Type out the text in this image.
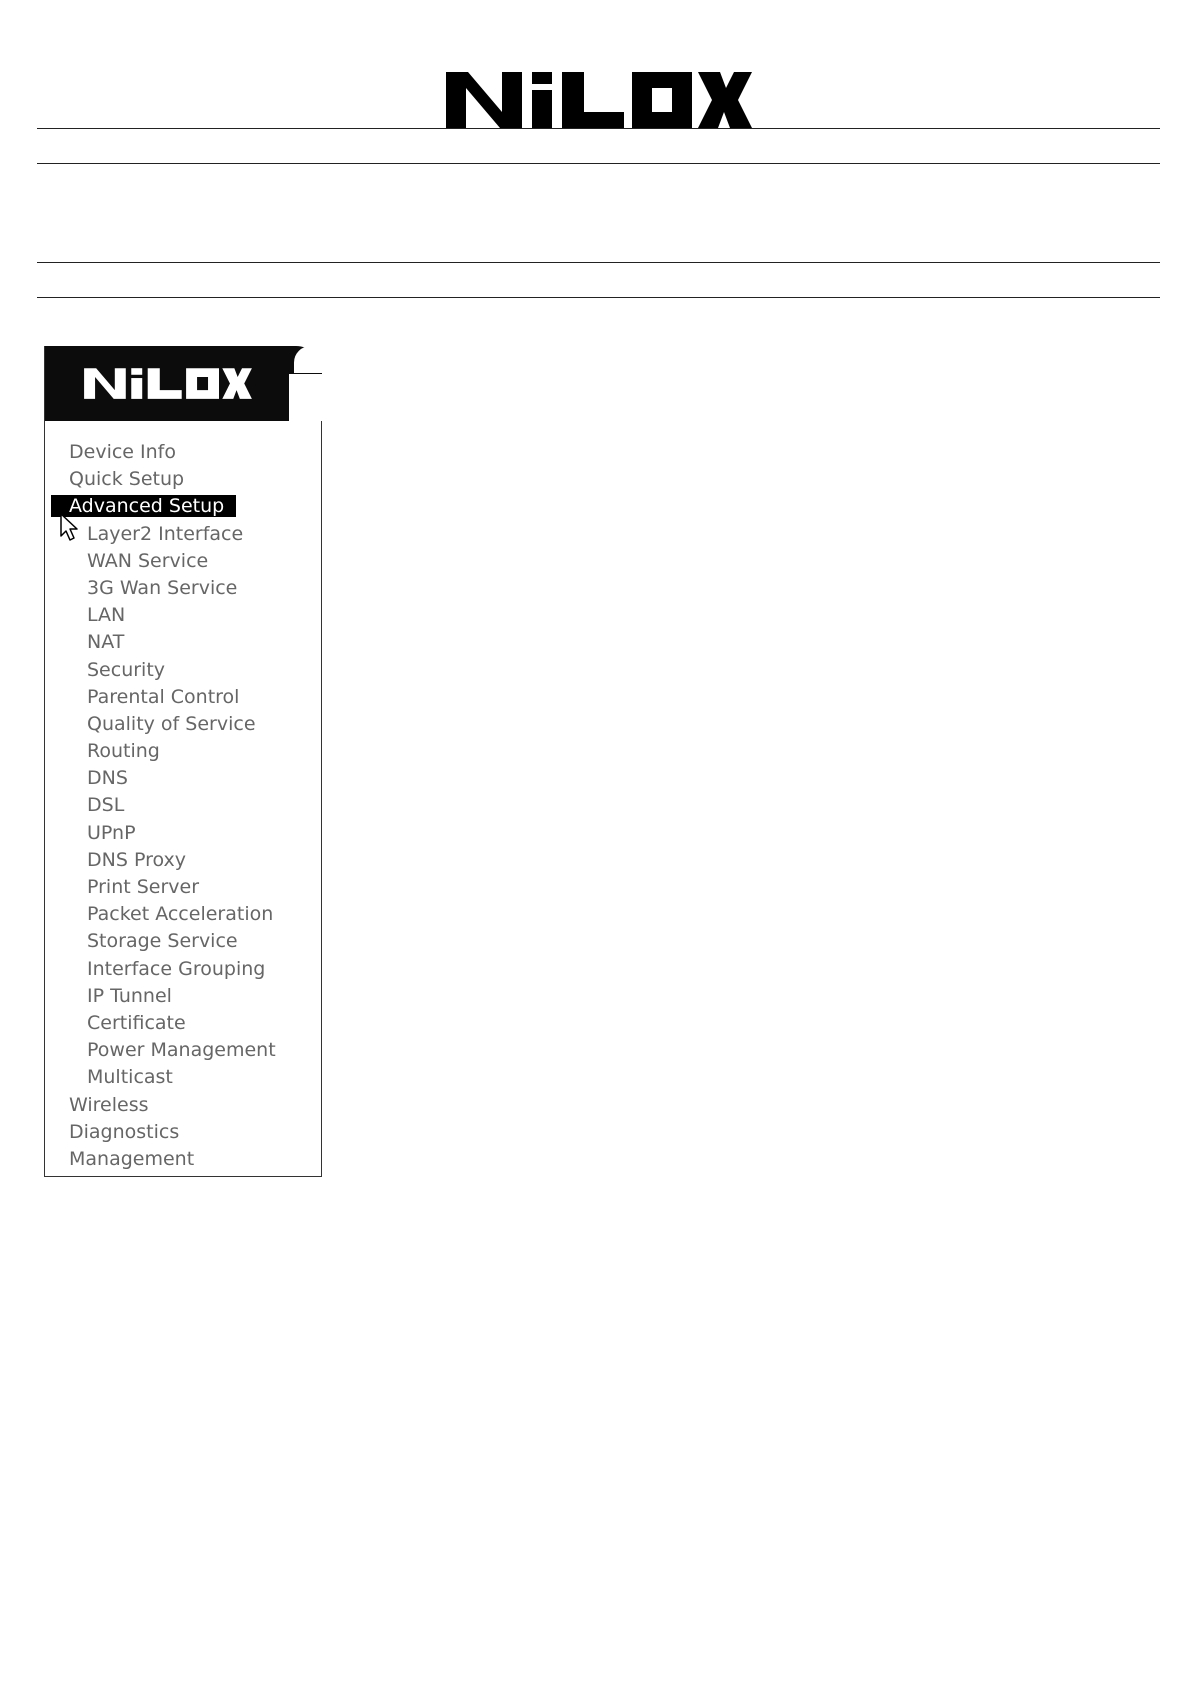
Device Info
Quick Setup
Advanced Setup
Layer2 Interface
WAN Service
3G Wan Service
LAN
NAT
Security
Parental Control
Quality of Service
Routing
DNS
DSL
UPnP
DNS Proxy
Print Server
Packet Acceleration
Storage Service
Interface Grouping
IP Tunnel
Certificate
Power Management
Multicast
Wireless
Diagnostics
Management
